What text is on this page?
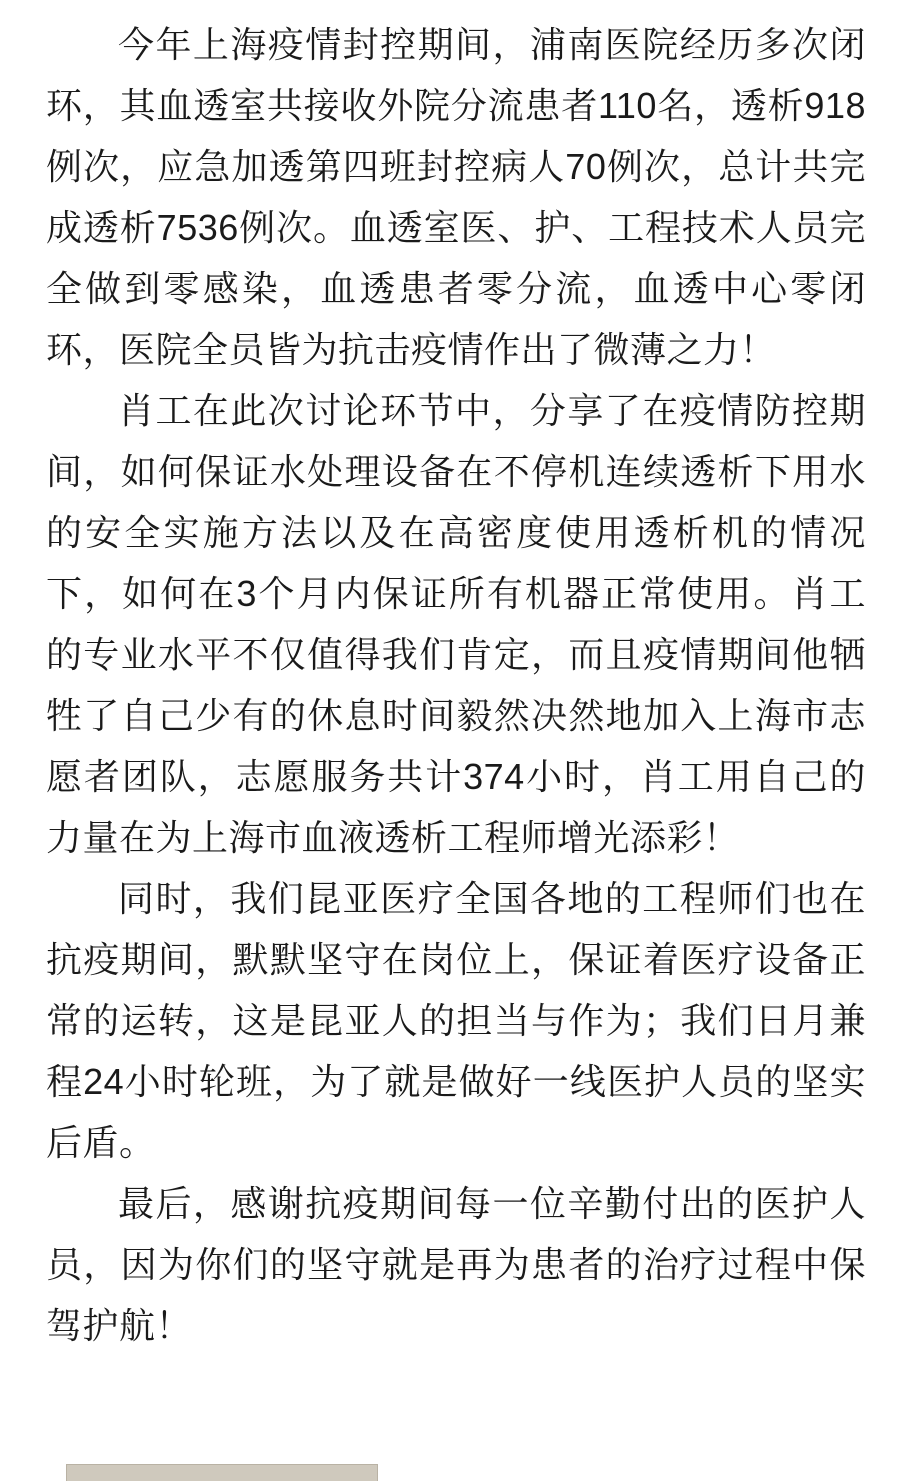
今年上海疫情封控期间，浦南医院经历多次闭环，其血透室共接收外院分流患者110名，透析918例次，应急加透第四班封控病人70例次，总计共完成透析7536例次。血透室医、护、工程技术人员完全做到零感染，血透患者零分流，血透中心零闭环，医院全员皆为抗击疫情作出了微薄之力！

肖工在此次讨论环节中，分享了在疫情防控期间，如何保证水处理设备在不停机连续透析下用水的安全实施方法以及在高密度使用透析机的情况下，如何在3个月内保证所有机器正常使用。肖工的专业水平不仅值得我们肯定，而且疫情期间他牺牲了自己少有的休息时间毅然决然地加入上海市志愿者团队，志愿服务共计374小时，肖工用自己的力量在为上海市血液透析工程师增光添彩！

同时，我们昆亚医疗全国各地的工程师们也在抗疫期间，默默坚守在岗位上，保证着医疗设备正常的运转，这是昆亚人的担当与作为；我们日月兼程24小时轮班，为了就是做好一线医护人员的坚实后盾。

最后，感谢抗疫期间每一位辛勤付出的医护人员，因为你们的坚守就是再为患者的治疗过程中保驾护航！
